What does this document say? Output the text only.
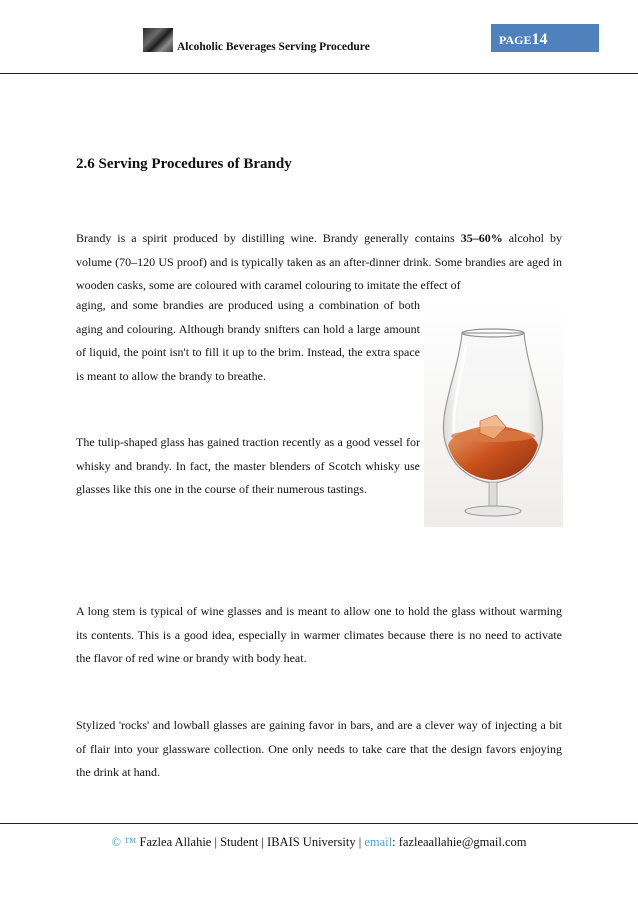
Alcoholic Beverages Serving Procedure	PAGE14
2.6 Serving Procedures of Brandy
Brandy is a spirit produced by distilling wine. Brandy generally contains 35–60% alcohol by volume (70–120 US proof) and is typically taken as an after-dinner drink. Some brandies are aged in wooden casks, some are coloured with caramel colouring to imitate the effect of
aging, and some brandies are produced using a combination of both aging and colouring. Although brandy snifters can hold a large amount of liquid, the point isn't to fill it up to the brim. Instead, the extra space is meant to allow the brandy to breathe.
The tulip-shaped glass has gained traction recently as a good vessel for whisky and brandy. In fact, the master blenders of Scotch whisky use glasses like this one in the course of their numerous tastings.
A long stem is typical of wine glasses and is meant to allow one to hold the glass without warming its contents. This is a good idea, especially in warmer climates because there is no need to activate the flavor of red wine or brandy with body heat.
Stylized 'rocks' and lowball glasses are gaining favor in bars, and are a clever way of injecting a bit of flair into your glassware collection. One only needs to take care that the design favors enjoying the drink at hand.
© ™ Fazlea Allahie | Student | IBAIS University | email: fazleaallahie@gmail.com
